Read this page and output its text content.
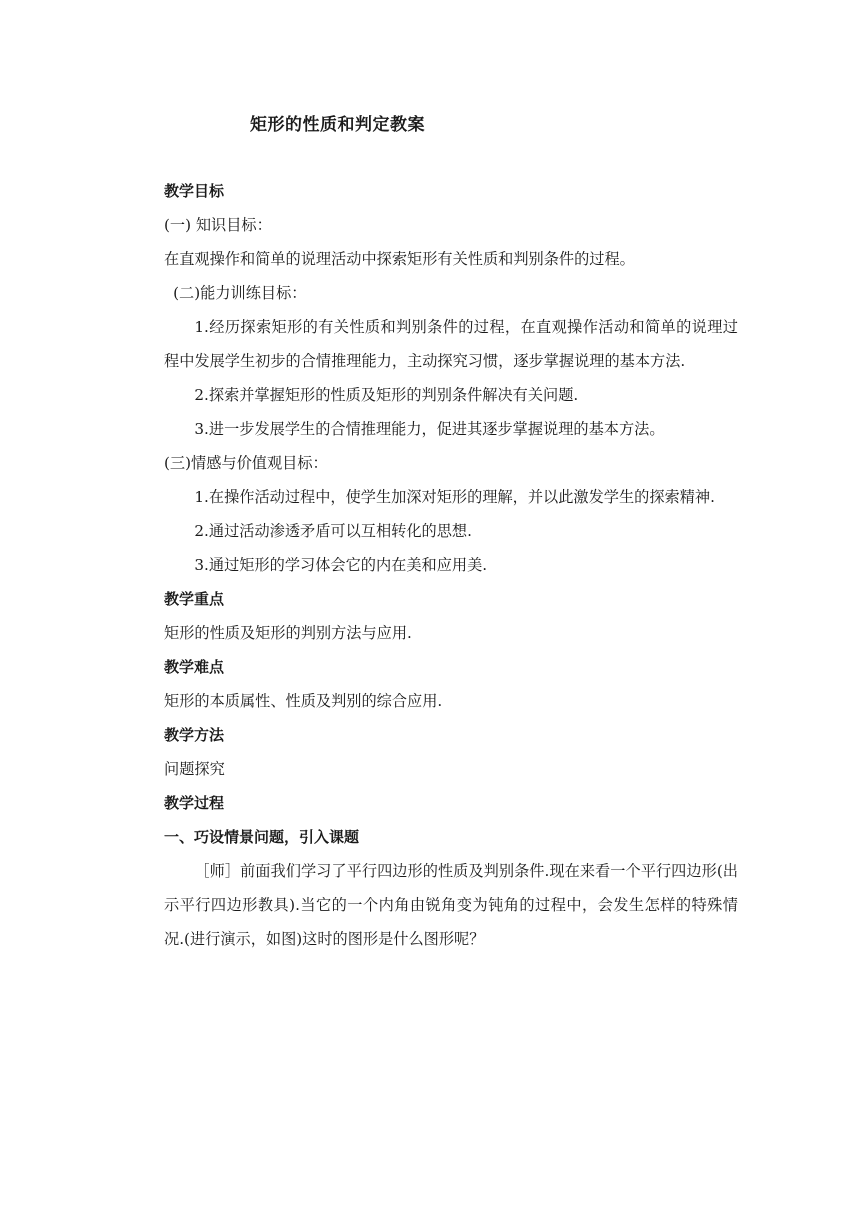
矩形的性质和判定教案

教学目标

(一) 知识目标：

在直观操作和简单的说理活动中探索矩形有关性质和判别条件的过程。

(二)能力训练目标：

1.经历探索矩形的有关性质和判别条件的过程，在直观操作活动和简单的说理过程中发展学生初步的合情推理能力，主动探究习惯，逐步掌握说理的基本方法.

2.探索并掌握矩形的性质及矩形的判别条件解决有关问题.

3.进一步发展学生的合情推理能力，促进其逐步掌握说理的基本方法。

(三)情感与价值观目标：

1.在操作活动过程中，使学生加深对矩形的理解，并以此激发学生的探索精神.

2.通过活动渗透矛盾可以互相转化的思想.

3.通过矩形的学习体会它的内在美和应用美.

教学重点

矩形的性质及矩形的判别方法与应用.

教学难点

矩形的本质属性、性质及判别的综合应用.

教学方法

问题探究

教学过程

一、巧设情景问题，引入课题

［师］前面我们学习了平行四边形的性质及判别条件.现在来看一个平行四边形(出示平行四边形教具).当它的一个内角由锐角变为钝角的过程中，会发生怎样的特殊情况.(进行演示，如图)这时的图形是什么图形呢？
